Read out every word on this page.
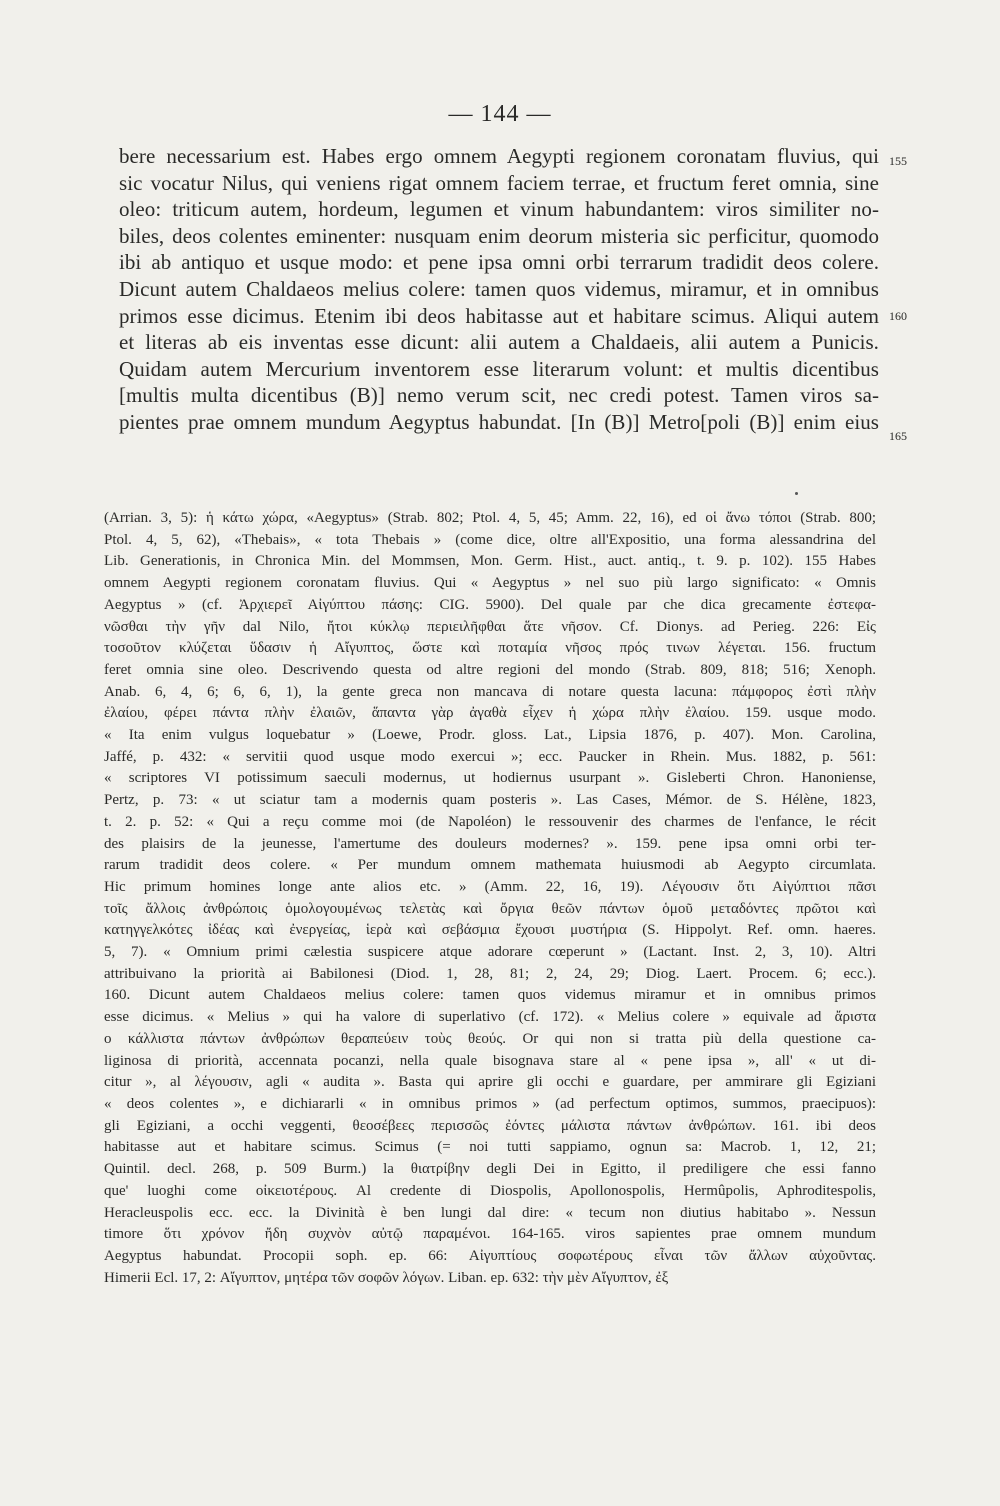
— 144 —
bere necessarium est. Habes ergo omnem Aegypti regionem coronatam fluvius, qui
sic vocatur Nilus, qui veniens rigat omnem faciem terrae, et fructum feret omnia, sine
oleo: triticum autem, hordeum, legumen et vinum habundantem: viros similiter no-
biles, deos colentes eminenter: nusquam enim deorum misteria sic perficitur, quomodo
ibi ab antiquo et usque modo: et pene ipsa omni orbi terrarum tradidit deos colere.
Dicunt autem Chaldaeos melius colere: tamen quos videmus, miramur, et in omnibus
primos esse dicimus. Etenim ibi deos habitasse aut et habitare scimus. Aliqui autem
et literas ab eis inventas esse dicunt: alii autem a Chaldaeis, alii autem a Punicis.
Quidam autem Mercurium inventorem esse literarum volunt: et multis dicentibus
[multis multa dicentibus (B)] nemo verum scit, nec credi potest. Tamen viros sa-
pientes prae omnem mundum Aegyptus habundat. [In (B)] Metro[poli (B)] enim eius
155
160
165
(Arrian. 3, 5): ἡ κάτω χώρα, «Aegyptus» (Strab. 802; Ptol. 4, 5, 45; Amm. 22, 16), ed οἱ ἄνω τόποι (Strab. 800;
Ptol. 4, 5, 62), «Thebais», « tota Thebais » (come dice, oltre all'Expositio, una forma alessandrina del
Lib. Generationis, in Chronica Min. del Mommsen, Mon. Germ. Hist., auct. antiq., t. 9. p. 102). 155 Habes
omnem Aegypti regionem coronatam fluvius. Qui « Aegyptus » nel suo più largo significato: « Omnis
Aegyptus » (cf. Ἀρχιερεῖ Αἰγύπτου πάσης: CIG. 5900). Del quale par che dica grecamente ἐστεφα-
νῶσθαι τὴν γῆν dal Nilo, ἤτοι κύκλῳ περιειλῆφθαι ἅτε νῆσον. Cf. Dionys. ad Perieg. 226: Εἰς
τοσοῦτον κλύζεται ὕδασιν ἡ Αἴγυπτος, ὥστε καὶ ποταμία νῆσος πρός τινων λέγεται. 156. fructum
feret omnia sine oleo. Descrivendo questa od altre regioni del mondo (Strab. 809, 818; 516; Xenoph.
Anab. 6, 4, 6; 6, 6, 1), la gente greca non mancava di notare questa lacuna: πάμφορος ἐστὶ πλὴν
ἐλαίου, φέρει πάντα πλὴν ἐλαιῶν, ἅπαντα γὰρ ἀγαθὰ εἶχεν ἡ χώρα πλὴν ἐλαίου. 159. usque modo.
« Ita enim vulgus loquebatur » (Loewe, Prodr. gloss. Lat., Lipsia 1876, p. 407). Mon. Carolina,
Jaffé, p. 432: « servitii quod usque modo exercui »; ecc. Paucker in Rhein. Mus. 1882, p. 561:
« scriptores VI potissimum saeculi modernus, ut hodiernus usurpant ». Gisleberti Chron. Hanoniense,
Pertz, p. 73: « ut sciatur tam a modernis quam posteris ». Las Cases, Mémor. de S. Hélène, 1823,
t. 2. p. 52: « Qui a reçu comme moi (de Napoléon) le ressouvenir des charmes de l'enfance, le récit
des plaisirs de la jeunesse, l'amertume des douleurs modernes? ». 159. pene ipsa omni orbi ter-
rarum tradidit deos colere. « Per mundum omnem mathemata huiusmodi ab Aegypto circumlata.
Hic primum homines longe ante alios etc. » (Amm. 22, 16, 19). Λέγουσιν ὅτι Αἰγύπτιοι πᾶσι
τοῖς ἄλλοις ἀνθρώποις ὁμολογουμένως τελετὰς καὶ ὄργια θεῶν πάντων ὁμοῦ μεταδόντες πρῶτοι καὶ
κατηγγελκότες ἰδέας καὶ ἐνεργείας, ἱερὰ καὶ σεβάσμια ἔχουσι μυστήρια (S. Hippolyt. Ref. omn. haeres.
5, 7). « Omnium primi cælestia suspicere atque adorare cœperunt » (Lactant. Inst. 2, 3, 10). Altri
attribuivano la priorità ai Babilonesi (Diod. 1, 28, 81; 2, 24, 29; Diog. Laert. Procem. 6; ecc.).
160. Dicunt autem Chaldaeos melius colere: tamen quos videmus miramur et in omnibus primos
esse dicimus. « Melius » qui ha valore di superlativo (cf. 172). « Melius colere » equivale ad ἄριστα
ο κάλλιστα πάντων ἀνθρώπων θεραπεύειν τοὺς θεούς. Or qui non si tratta più della questione ca-
liginosa di priorità, accennata pocanzi, nella quale bisognava stare al « pene ipsa », all' « ut di-
citur », al λέγουσιν, agli « audita ». Basta qui aprire gli occhi e guardare, per ammirare gli Egiziani
« deos colentes », e dichiararli « in omnibus primos » (ad perfectum optimos, summos, praecipuos):
gli Egiziani, a occhi veggenti, θεοσέβεες περισσῶς ἐόντες μάλιστα πάντων ἀνθρώπων. 161. ibi deos
habitasse aut et habitare scimus. Scimus (= noi tutti sappiamo, ognun sa: Macrob. 1, 12, 21;
Quintil. decl. 268, p. 509 Burm.) la θιατρίβην degli Dei in Egitto, il prediligere che essi fanno
que' luoghi come οἰκειοτέρους. Al credente di Diospolis, Apollonospolis, Hermûpolis, Aphroditespolis,
Heracleuspolis ecc. ecc. la Divinità è ben lungi dal dire: « tecum non diutius habitabo ». Nessun
timore ὅτι χρόνον ἤδη συχνὸν αὐτῷ παραμένοι. 164-165. viros sapientes prae omnem mundum
Aegyptus habundat. Procopii soph. ep. 66: Αἰγυπτίους σοφωτέρους εἶναι τῶν ἄλλων αὐχοῦντας.
Himerii Ecl. 17, 2: Αἴγυπτον, μητέρα τῶν σοφῶν λόγων. Liban. ep. 632: τὴν μὲν Αἴγυπτον, ἐξ
